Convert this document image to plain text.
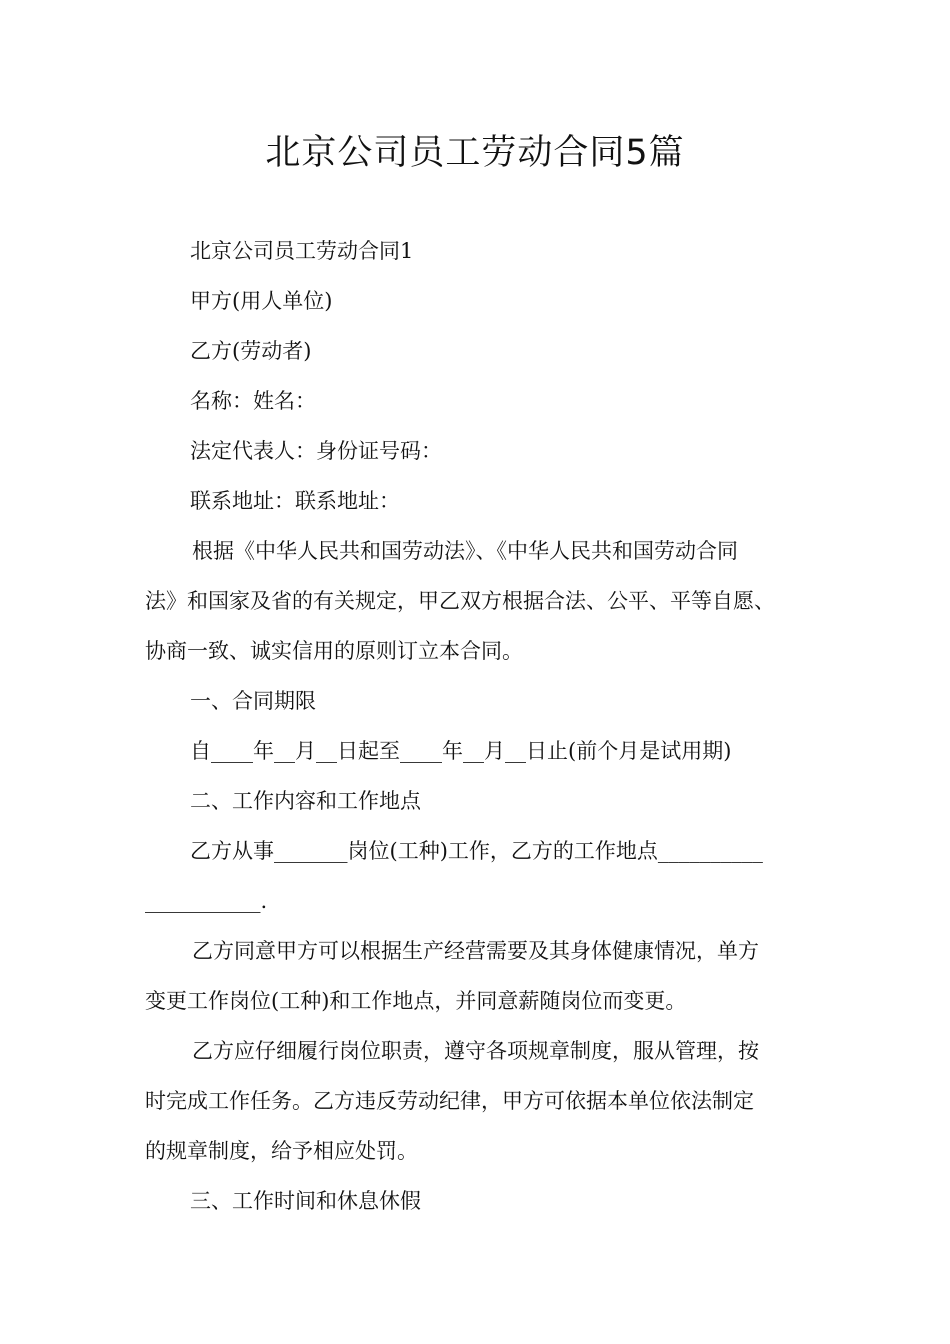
北京公司员工劳动合同5篇

北京公司员工劳动合同1

甲方(用人单位)

乙方(劳动者)

名称：姓名：

法定代表人：身份证号码：

联系地址：联系地址：

根据《中华人民共和国劳动法》、《中华人民共和国劳动合同

法》和国家及省的有关规定，甲乙双方根据合法、公平、平等自愿、

协商一致、诚实信用的原则订立本合同。

一、合同期限

自____年__月__日起至____年__月__日止(前个月是试用期)

二、工作内容和工作地点

乙方从事_______岗位(工种)工作，乙方的工作地点__________

___________.

乙方同意甲方可以根据生产经营需要及其身体健康情况，单方

变更工作岗位(工种)和工作地点，并同意薪随岗位而变更。

乙方应仔细履行岗位职责，遵守各项规章制度，服从管理，按

时完成工作任务。乙方违反劳动纪律，甲方可依据本单位依法制定

的规章制度，给予相应处罚。

三、工作时间和休息休假
